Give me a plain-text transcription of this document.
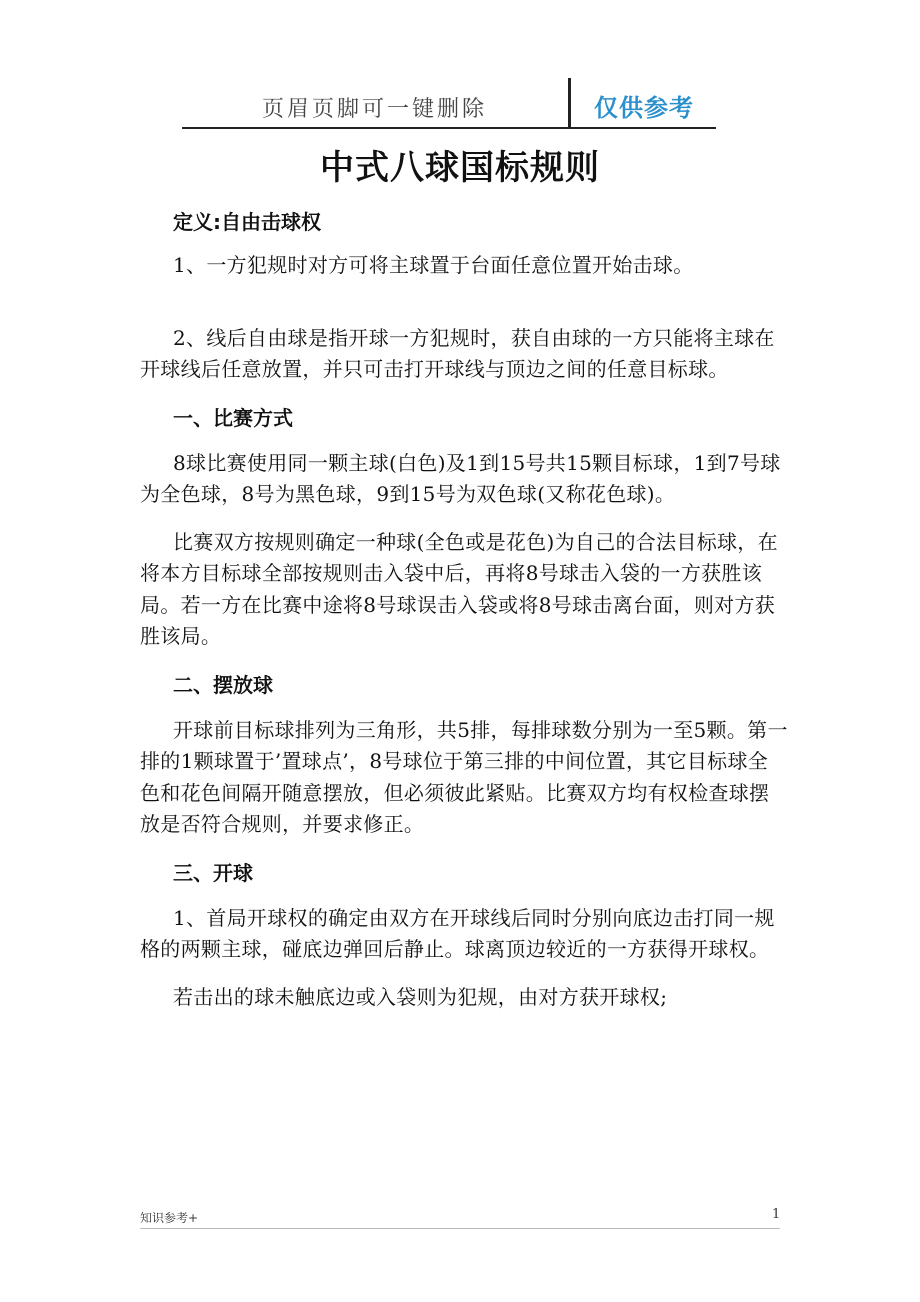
页眉页脚可一键删除	仅供参考
中式八球国标规则

定义:自由击球权

1、一方犯规时对方可将主球置于台面任意位置开始击球。

2、线后自由球是指开球一方犯规时，获自由球的一方只能将主球在开球线后任意放置，并只可击打开球线与顶边之间的任意目标球。

一、比赛方式

8球比赛使用同一颗主球(白色)及1到15号共15颗目标球，1到7号球为全色球，8号为黑色球，9到15号为双色球(又称花色球)。

比赛双方按规则确定一种球(全色或是花色)为自己的合法目标球，在将本方目标球全部按规则击入袋中后，再将8号球击入袋的一方获胜该局。若一方在比赛中途将8号球误击入袋或将8号球击离台面，则对方获胜该局。

二、摆放球

开球前目标球排列为三角形，共5排，每排球数分别为一至5颗。第一排的1颗球置于’置球点’，8号球位于第三排的中间位置，其它目标球全色和花色间隔开随意摆放，但必须彼此紧贴。比赛双方均有权检查球摆放是否符合规则，并要求修正。

三、开球

1、首局开球权的确定由双方在开球线后同时分别向底边击打同一规格的两颗主球，碰底边弹回后静止。球离顶边较近的一方获得开球权。

若击出的球未触底边或入袋则为犯规，由对方获开球权;

知识参考+	1
